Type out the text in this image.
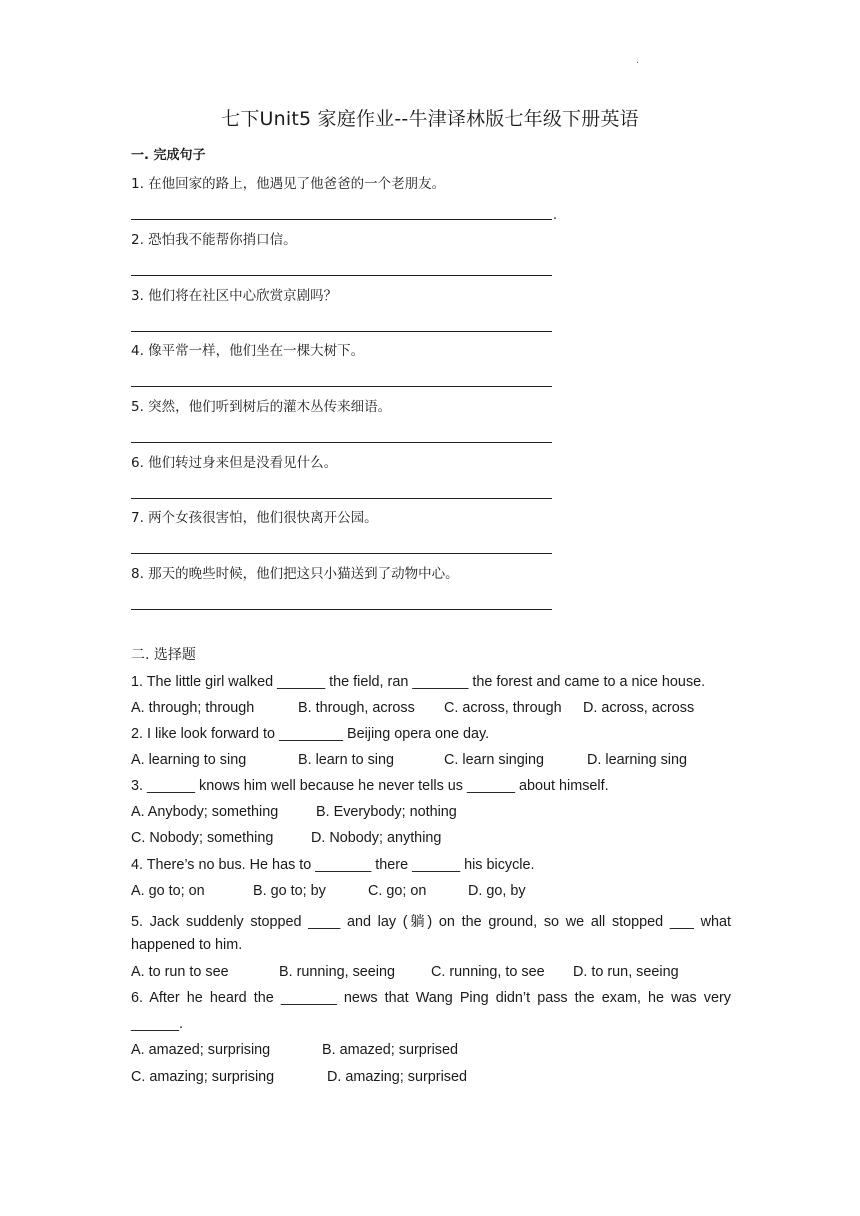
.
七下Unit5 家庭作业--牛津译林版七年级下册英语
一. 完成句子
1. 在他回家的路上，他遇见了他爸爸的一个老朋友。
.
2. 恐怕我不能帮你捎口信。
3. 他们将在社区中心欣赏京剧吗？
4. 像平常一样，他们坐在一棵大树下。
5. 突然，他们听到树后的灌木丛传来细语。
6. 他们转过身来但是没看见什么。
7. 两个女孩很害怕，他们很快离开公园。
8. 那天的晚些时候，他们把这只小猫送到了动物中心。
二. 选择题
1. The little girl walked ______ the field, ran _______ the forest and came to a nice house.
A. through; through	B. through, across C. across, through D. across, across
2. I like look forward to ________ Beijing opera one day.
A. learning to sing	B. learn to sing	C. learn singing	D. learning sing
3. ______ knows him well because he never tells us ______ about himself.
A. Anybody; something	B. Everybody; nothing
C. Nobody; something	D. Nobody; anything
4. There’s no bus. He has to _______ there ______ his bicycle.
A. go to; on	B. go to; by	C. go; on	D. go, by
5. Jack suddenly stopped ____ and lay (躺) on the ground, so we all stopped ___ what
happened to him.
A. to run to see	B. running, seeing C. running, to see D. to run, seeing
6. After he heard the _______ news that Wang Ping didn’t pass the exam, he was very
______.
A. amazed; surprising	B. amazed; surprised
C. amazing; surprising	D. amazing; surprised
